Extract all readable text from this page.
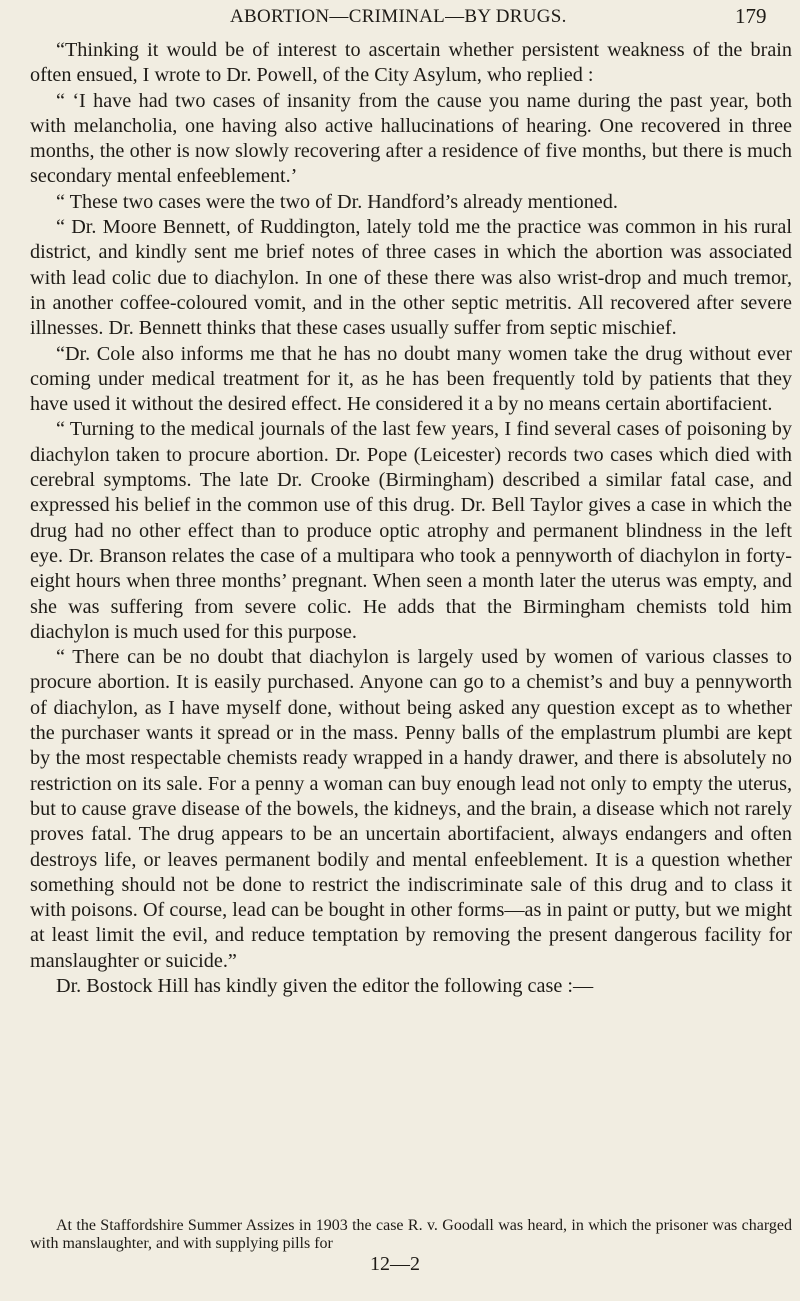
ABORTION—CRIMINAL—BY DRUGS.	179

“Thinking it would be of interest to ascertain whether persistent weakness of the brain often ensued, I wrote to Dr. Powell, of the City Asylum, who replied :

“ ‘I have had two cases of insanity from the cause you name during the past year, both with melancholia, one having also active hallucinations of hearing. One recovered in three months, the other is now slowly recovering after a residence of five months, but there is much secondary mental enfeeblement.’

“ These two cases were the two of Dr. Handford’s already mentioned.

“ Dr. Moore Bennett, of Ruddington, lately told me the practice was common in his rural district, and kindly sent me brief notes of three cases in which the abortion was associated with lead colic due to diachylon. In one of these there was also wrist-drop and much tremor, in another coffee-coloured vomit, and in the other septic metritis. All recovered after severe illnesses. Dr. Bennett thinks that these cases usually suffer from septic mischief.

“Dr. Cole also informs me that he has no doubt many women take the drug without ever coming under medical treatment for it, as he has been frequently told by patients that they have used it without the desired effect. He considered it a by no means certain abortifacient.

“ Turning to the medical journals of the last few years, I find several cases of poisoning by diachylon taken to procure abortion. Dr. Pope (Leicester) records two cases which died with cerebral symptoms. The late Dr. Crooke (Birmingham) described a similar fatal case, and expressed his belief in the common use of this drug. Dr. Bell Taylor gives a case in which the drug had no other effect than to produce optic atrophy and permanent blindness in the left eye. Dr. Branson relates the case of a multipara who took a pennyworth of diachylon in forty-eight hours when three months’ pregnant. When seen a month later the uterus was empty, and she was suffering from severe colic. He adds that the Birmingham chemists told him diachylon is much used for this purpose.

“ There can be no doubt that diachylon is largely used by women of various classes to procure abortion. It is easily purchased. Anyone can go to a chemist’s and buy a pennyworth of diachylon, as I have myself done, without being asked any question except as to whether the purchaser wants it spread or in the mass. Penny balls of the emplastrum plumbi are kept by the most respectable chemists ready wrapped in a handy drawer, and there is absolutely no restriction on its sale. For a penny a woman can buy enough lead not only to empty the uterus, but to cause grave disease of the bowels, the kidneys, and the brain, a disease which not rarely proves fatal. The drug appears to be an uncertain abortifacient, always endangers and often destroys life, or leaves permanent bodily and mental enfeeblement. It is a question whether something should not be done to restrict the indiscriminate sale of this drug and to class it with poisons. Of course, lead can be bought in other forms—as in paint or putty, but we might at least limit the evil, and reduce temptation by removing the present dangerous facility for manslaughter or suicide.”

Dr. Bostock Hill has kindly given the editor the following case :—

At the Staffordshire Summer Assizes in 1903 the case R. v. Goodall was heard, in which the prisoner was charged with manslaughter, and with supplying pills for
12—2
